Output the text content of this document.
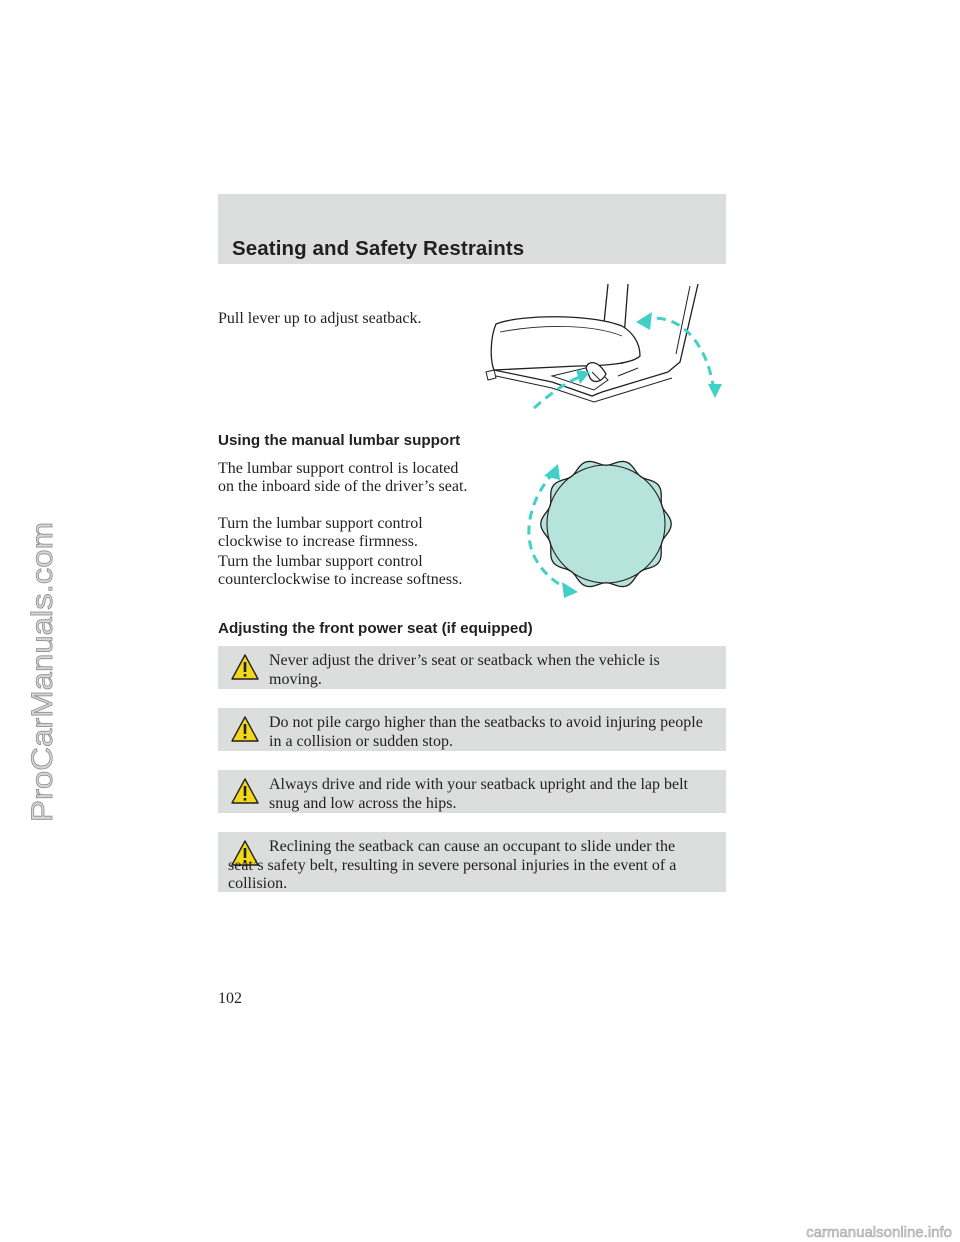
ProCarManuals.com
Seating and Safety Restraints

Pull lever up to adjust seatback.

Using the manual lumbar support

The lumbar support control is located on the inboard side of the driver’s seat.

Turn the lumbar support control clockwise to increase firmness.

Turn the lumbar support control counterclockwise to increase softness.

Adjusting the front power seat (if equipped)

Never adjust the driver’s seat or seatback when the vehicle is moving.

Do not pile cargo higher than the seatbacks to avoid injuring people in a collision or sudden stop.

Always drive and ride with your seatback upright and the lap belt snug and low across the hips.

Reclining the seatback can cause an occupant to slide under the seat’s safety belt, resulting in severe personal injuries in the event of a collision.

102

carmanualsonline.info
